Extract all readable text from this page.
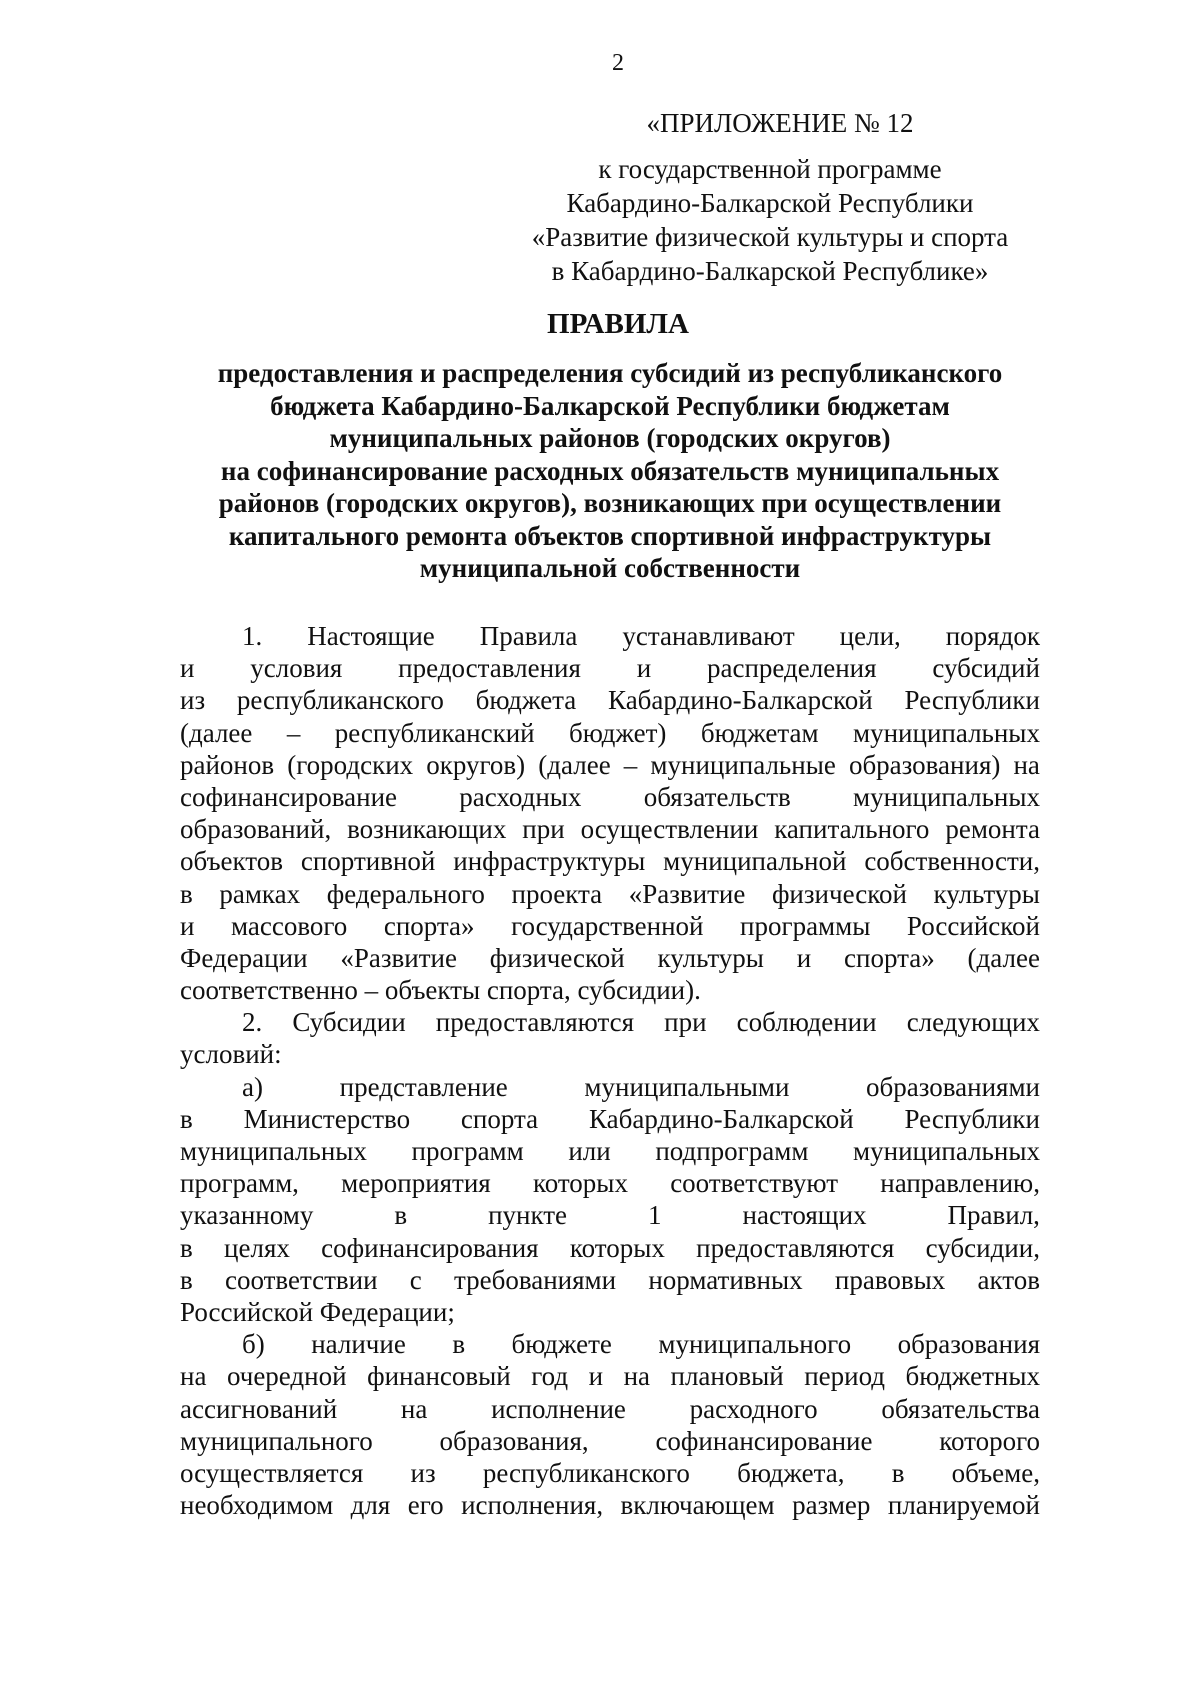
2
«ПРИЛОЖЕНИЕ № 12
к государственной программе
Кабардино-Балкарской Республики
«Развитие физической культуры и спорта
в Кабардино-Балкарской Республике»
ПРАВИЛА
предоставления и распределения субсидий из республиканского
бюджета Кабардино-Балкарской Республики бюджетам
муниципальных районов (городских округов)
на софинансирование расходных обязательств муниципальных
районов (городских округов), возникающих при осуществлении
капитального ремонта объектов спортивной инфраструктуры
муниципальной собственности
1. Настоящие Правила устанавливают цели, порядок
и условия предоставления и распределения субсидий
из республиканского бюджета Кабардино-Балкарской Республики
(далее – республиканский бюджет) бюджетам муниципальных
районов (городских округов) (далее – муниципальные образования) на
софинансирование расходных обязательств муниципальных
образований, возникающих при осуществлении капитального ремонта
объектов спортивной инфраструктуры муниципальной собственности,
в рамках федерального проекта «Развитие физической культуры
и массового спорта» государственной программы Российской
Федерации «Развитие физической культуры и спорта» (далее
соответственно – объекты спорта, субсидии).
2. Субсидии предоставляются при соблюдении следующих
условий:
а)	представление	муниципальными	образованиями
в Министерство спорта Кабардино-Балкарской Республики
муниципальных программ или подпрограмм муниципальных
программ, мероприятия которых соответствуют направлению,
указанному	в	пункте	1	настоящих	Правил,
в целях софинансирования которых предоставляются субсидии,
в соответствии с требованиями нормативных правовых актов
Российской Федерации;
б) наличие в бюджете муниципального образования
на очередной финансовый год и на плановый период бюджетных
ассигнований на исполнение расходного обязательства
муниципального образования, софинансирование которого
осуществляется из республиканского бюджета, в объеме,
необходимом для его исполнения, включающем размер планируемой
